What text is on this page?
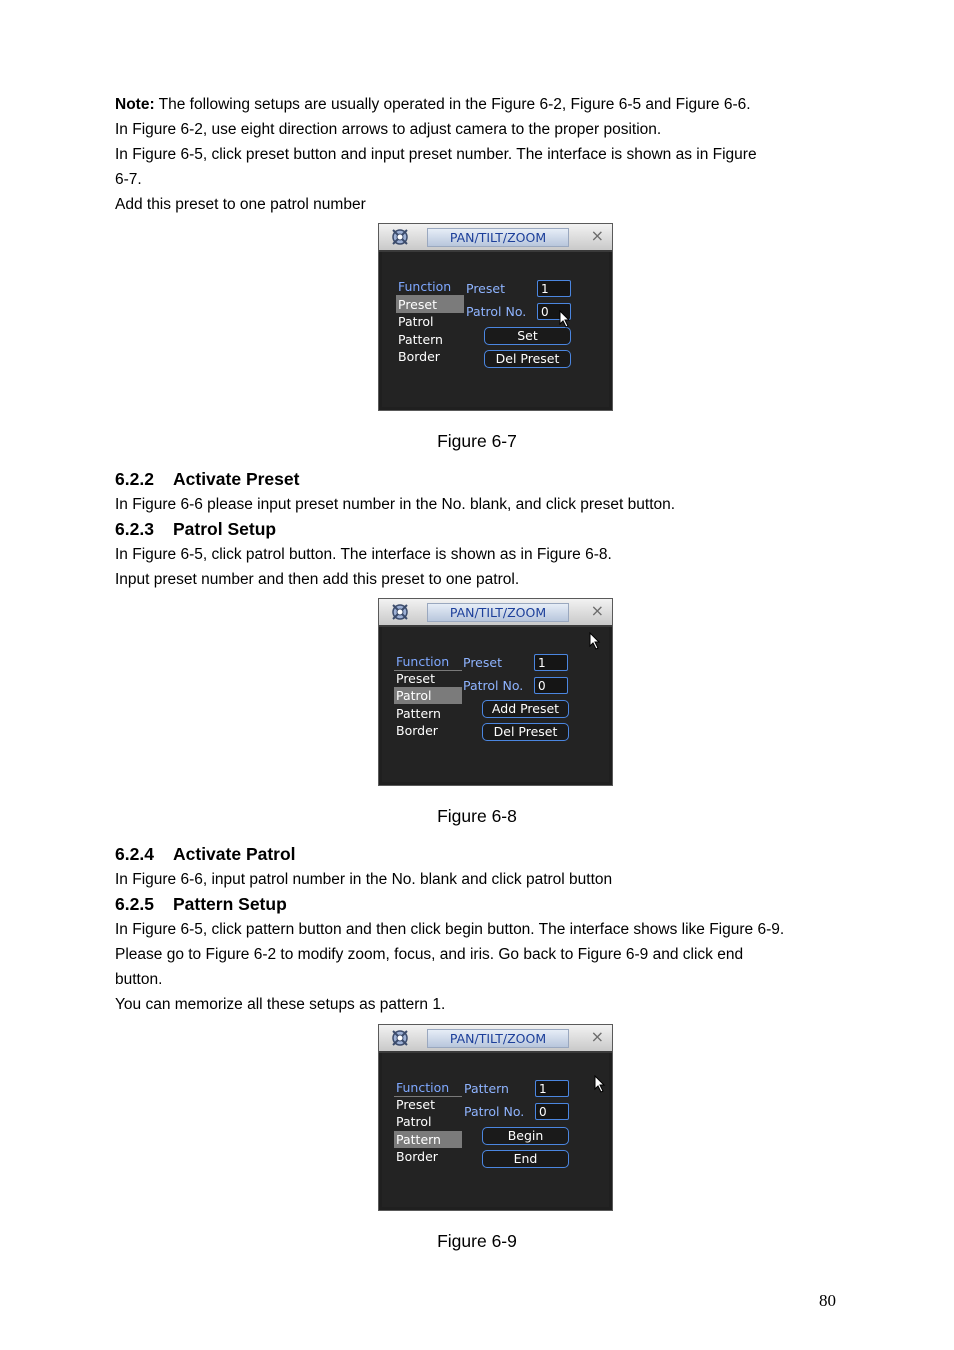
Note: The following setups are usually operated in the Figure 6-2, Figure 6-5 and Figure 6-6.

In Figure 6-2, use eight direction arrows to adjust camera to the proper position.

In Figure 6-5, click preset button and input preset number. The interface is shown as in Figure

6-7.

Add this preset to one patrol number

PAN/TILT/ZOOM	×
Function
Preset
Patrol
Pattern
Border
Preset	1
Patrol No.	0
Set
Del Preset
Figure 6-7
6.2.2 Activate Preset

In Figure 6-6 please input preset number in the No. blank, and click preset button.

6.2.3 Patrol Setup

In Figure 6-5, click patrol button. The interface is shown as in Figure 6-8.

Input preset number and then add this preset to one patrol.

PAN/TILT/ZOOM	×
Function
Preset
Patrol
Pattern
Border
Preset	1
Patrol No.	0
Add Preset
Del Preset
Figure 6-8
6.2.4 Activate Patrol

In Figure 6-6, input patrol number in the No. blank and click patrol button

6.2.5 Pattern Setup

In Figure 6-5, click pattern button and then click begin button. The interface shows like Figure 6-9.

Please go to Figure 6-2 to modify zoom, focus, and iris. Go back to Figure 6-9 and click end

button.

You can memorize all these setups as pattern 1.

PAN/TILT/ZOOM	×
Function
Preset
Patrol
Pattern
Border
Pattern	1
Patrol No.	0
Begin
End
Figure 6-9
80
